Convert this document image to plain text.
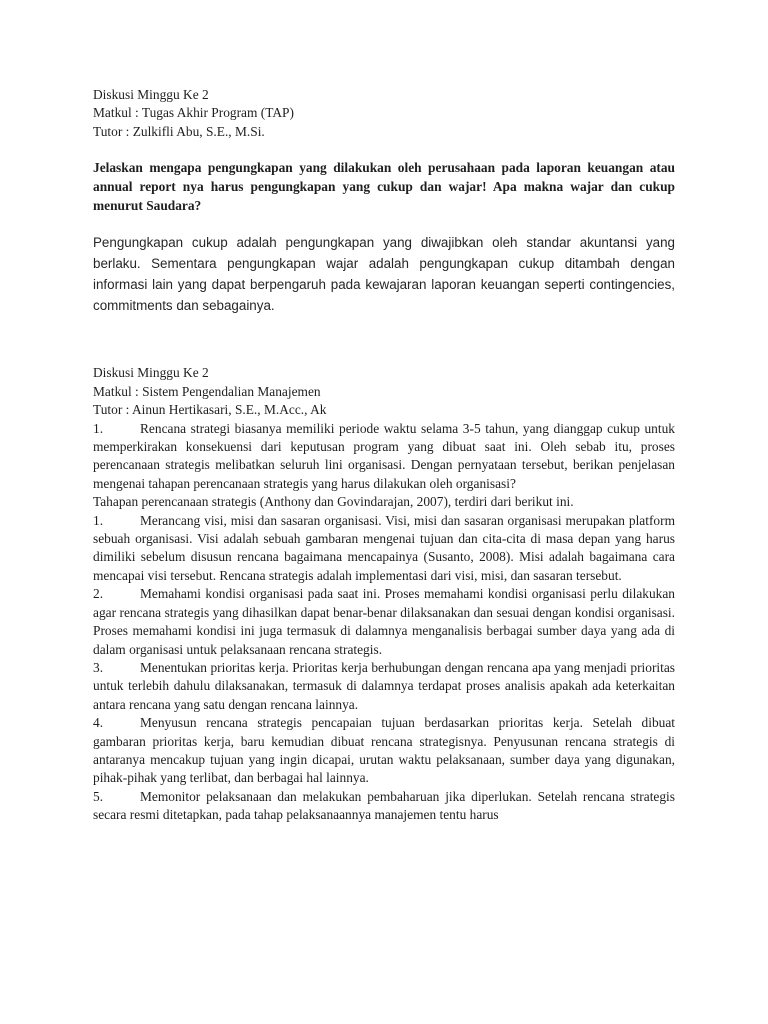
Diskusi Minggu Ke 2
Matkul : Tugas Akhir Program (TAP)
Tutor : Zulkifli Abu, S.E., M.Si.
Jelaskan mengapa pengungkapan yang dilakukan oleh perusahaan pada laporan keuangan atau annual report nya harus pengungkapan yang cukup dan wajar! Apa makna wajar dan cukup menurut Saudara?
Pengungkapan cukup adalah pengungkapan yang diwajibkan oleh standar akuntansi yang berlaku. Sementara pengungkapan wajar adalah pengungkapan cukup ditambah dengan informasi lain yang dapat berpengaruh pada kewajaran laporan keuangan seperti contingencies, commitments dan sebagainya.
Diskusi Minggu Ke 2
Matkul : Sistem Pengendalian Manajemen
Tutor : Ainun Hertikasari, S.E., M.Acc., Ak
1.	Rencana strategi biasanya memiliki periode waktu selama 3-5 tahun, yang dianggap cukup untuk memperkirakan konsekuensi dari keputusan program yang dibuat saat ini. Oleh sebab itu, proses perencanaan strategis melibatkan seluruh lini organisasi. Dengan pernyataan tersebut, berikan penjelasan mengenai tahapan perencanaan strategis yang harus dilakukan oleh organisasi?
Tahapan perencanaan strategis (Anthony dan Govindarajan, 2007), terdiri dari berikut ini.
1.	Merancang visi, misi dan sasaran organisasi. Visi, misi dan sasaran organisasi merupakan platform sebuah organisasi. Visi adalah sebuah gambaran mengenai tujuan dan cita-cita di masa depan yang harus dimiliki sebelum disusun rencana bagaimana mencapainya (Susanto, 2008). Misi adalah bagaimana cara mencapai visi tersebut. Rencana strategis adalah implementasi dari visi, misi, dan sasaran tersebut.
2.	Memahami kondisi organisasi pada saat ini. Proses memahami kondisi organisasi perlu dilakukan agar rencana strategis yang dihasilkan dapat benar-benar dilaksanakan dan sesuai dengan kondisi organisasi. Proses memahami kondisi ini juga termasuk di dalamnya menganalisis berbagai sumber daya yang ada di dalam organisasi untuk pelaksanaan rencana strategis.
3.	Menentukan prioritas kerja. Prioritas kerja berhubungan dengan rencana apa yang menjadi prioritas untuk terlebih dahulu dilaksanakan, termasuk di dalamnya terdapat proses analisis apakah ada keterkaitan antara rencana yang satu dengan rencana lainnya.
4.	Menyusun rencana strategis pencapaian tujuan berdasarkan prioritas kerja. Setelah dibuat gambaran prioritas kerja, baru kemudian dibuat rencana strategisnya. Penyusunan rencana strategis di antaranya mencakup tujuan yang ingin dicapai, urutan waktu pelaksanaan, sumber daya yang digunakan, pihak-pihak yang terlibat, dan berbagai hal lainnya.
5.	Memonitor pelaksanaan dan melakukan pembaharuan jika diperlukan. Setelah rencana strategis secara resmi ditetapkan, pada tahap pelaksanaannya manajemen tentu harus
